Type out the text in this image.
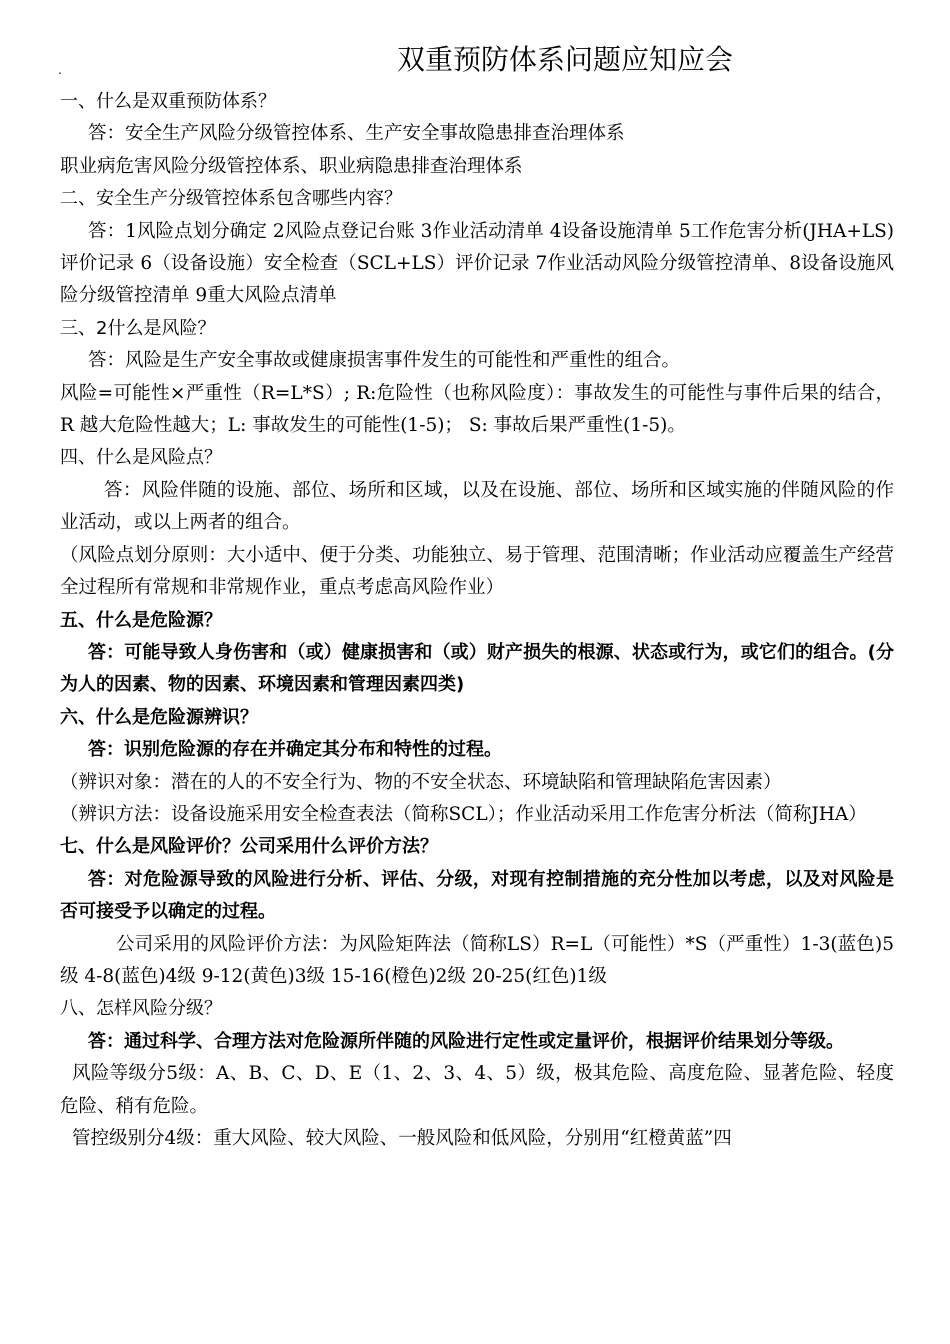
.	双重预防体系问题应知应会

一、什么是双重预防体系？

答：安全生产风险分级管控体系、生产安全事故隐患排查治理体系

职业病危害风险分级管控体系、职业病隐患排查治理体系

二、安全生产分级管控体系包含哪些内容？

答：1风险点划分确定 2风险点登记台账 3作业活动清单 4设备设施清单 5工作危害分析(JHA+LS)评价记录 6（设备设施）安全检查（SCL+LS）评价记录 7作业活动风险分级管控清单、8设备设施风险分级管控清单 9重大风险点清单

三、2什么是风险？

答：风险是生产安全事故或健康损害事件发生的可能性和严重性的组合。

风险=可能性×严重性（R=L*S）; R:危险性（也称风险度）：事故发生的可能性与事件后果的结合，R 越大危险性越大；L: 事故发生的可能性(1-5)； S: 事故后果严重性(1-5)。

四、什么是风险点？

答：风险伴随的设施、部位、场所和区域，以及在设施、部位、场所和区域实施的伴随风险的作业活动，或以上两者的组合。

（风险点划分原则：大小适中、便于分类、功能独立、易于管理、范围清晰；作业活动应覆盖生产经营全过程所有常规和非常规作业，重点考虑高风险作业）

五、什么是危险源？

答：可能导致人身伤害和（或）健康损害和（或）财产损失的根源、状态或行为，或它们的组合。(分为人的因素、物的因素、环境因素和管理因素四类)

六、什么是危险源辨识？

答：识别危险源的存在并确定其分布和特性的过程。

（辨识对象：潜在的人的不安全行为、物的不安全状态、环境缺陷和管理缺陷危害因素）

（辨识方法：设备设施采用安全检查表法（简称SCL）；作业活动采用工作危害分析法（简称JHA）

七、什么是风险评价？公司采用什么评价方法？

答：对危险源导致的风险进行分析、评估、分级，对现有控制措施的充分性加以考虑，以及对风险是否可接受予以确定的过程。

公司采用的风险评价方法：为风险矩阵法（简称LS）R=L（可能性）*S（严重性）1-3(蓝色)5级 4-8(蓝色)4级 9-12(黄色)3级 15-16(橙色)2级 20-25(红色)1级

八、怎样风险分级？

答：通过科学、合理方法对危险源所伴随的风险进行定性或定量评价，根据评价结果划分等级。

风险等级分5级：A、B、C、D、E（1、2、3、4、5）级，极其危险、高度危险、显著危险、轻度危险、稍有危险。

管控级别分4级：重大风险、较大风险、一般风险和低风险，分别用“红橙黄蓝”四
